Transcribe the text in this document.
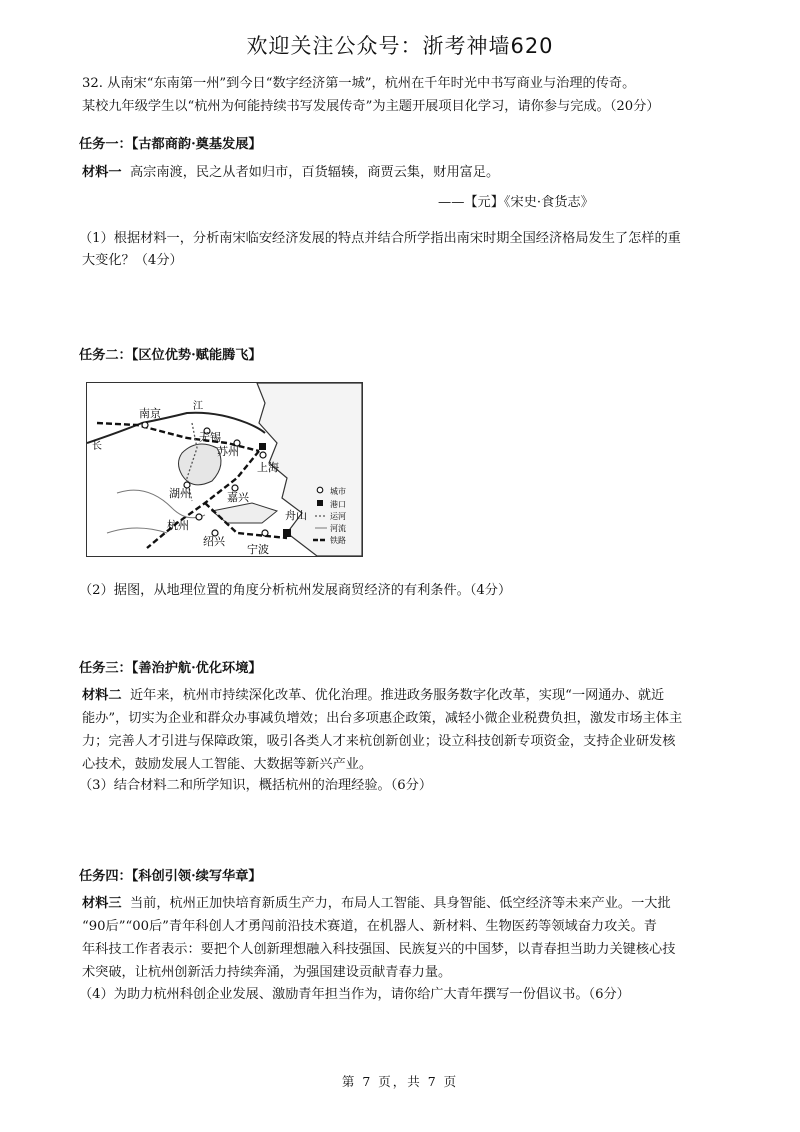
欢迎关注公众号：浙考神墙620
32. 从南宋“东南第一州”到今日“数字经济第一城”，杭州在千年时光中书写商业与治理的传奇。
某校九年级学生以“杭州为何能持续书写发展传奇”为主题开展项目化学习，请你参与完成。（20分）
任务一：【古都商韵·奠基发展】
材料一 高宗南渡，民之从者如归市，百货辐辏，商贾云集，财用富足。
——【元】《宋史·食货志》
（1）根据材料一，分析南宋临安经济发展的特点并结合所学指出南宋时期全国经济格局发生了怎样的重
大变化？（4分）
任务二：【区位优势·赋能腾飞】
长
江
南京
无锡
苏州
上海
湖州	嘉兴
杭州
绍兴
宁波
舟山
城市
港口
运河
河流
铁路
（2）据图，从地理位置的角度分析杭州发展商贸经济的有利条件。（4分）
任务三：【善治护航·优化环境】
材料二 近年来，杭州市持续深化改革、优化治理。推进政务服务数字化改革，实现“一网通办、就近
能办”，切实为企业和群众办事减负增效；出台多项惠企政策，减轻小微企业税费负担，激发市场主体主
力；完善人才引进与保障政策，吸引各类人才来杭创新创业；设立科技创新专项资金，支持企业研发核
心技术，鼓励发展人工智能、大数据等新兴产业。
（3）结合材料二和所学知识，概括杭州的治理经验。（6分）
任务四：【科创引领·续写华章】
材料三 当前，杭州正加快培育新质生产力，布局人工智能、具身智能、低空经济等未来产业。一大批
“90后”“00后”青年科创人才勇闯前沿技术赛道，在机器人、新材料、生物医药等领域奋力攻关。青
年科技工作者表示：要把个人创新理想融入科技强国、民族复兴的中国梦，以青春担当助力关键核心技
术突破，让杭州创新活力持续奔涌，为强国建设贡献青春力量。
（4）为助力杭州科创企业发展、激励青年担当作为，请你给广大青年撰写一份倡议书。（6分）
第 7 页，共 7 页
